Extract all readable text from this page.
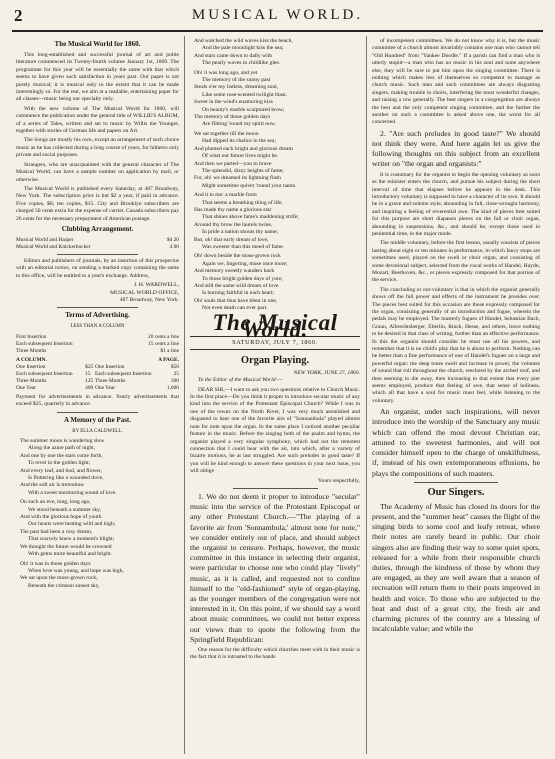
2	MUSICAL WORLD.
The Musical World for 1860.

This long-established and successful journal of art and polite literature commenced its Twenty-fourth volume January 1st, 1860. The programme for this year will be essentially the same with that which seems to have given such satisfaction in years past. Our paper is not purely musical; it is musical only to the extent that it can be made interestingly so. For the rest, we aim at a readable, entertaining paper for all classes—music being our specialty only.

With the new volume of The Musical World for 1860, will commence the publication under the general title of WILLIE'S ALBUM, of a series of Tales, written and set to music by Willis the Younger, together with stories of German life and papers on Art.

The Songs are mostly his own, except an arrangement of such choice music as he has collected during a long course of years, for hitherto only private and social purposes.

Strangers, who are unacquainted with the general character of The Musical World, can have a sample number on application by mail, or otherwise.

The Musical World is published every Saturday, at 487 Broadway, New York. The subscription price is but $2 a year, if paid in advance. Five copies, $8; ten copies, $15. City and Brooklyn subscribers are charged 50 cents extra for the expense of carrier. Canada subscribers pay 26 cents for the necessary prepayment of American postage.

Clubbing Arrangement.
Musical World and Harper	$4 20
Musical World and Knickerbocker	4 00

Editors and publishers of journals, by an insertion of this prospectus with an editorial notice, on sending a marked copy containing the same to this office, will be entitled to a year's exchange. Address,

J. H. WARDWELL,

MUSICAL WORLD OFFICE,

487 Broadway, New York.

Terms of Advertising.
LESS THAN A COLUMN
First Insertion	20 cents a line
Each subsequent Insertion	15 cents a line
Three Months	$1 a line
A COLUMN.		A PAGE.	
One Insertion	$25	One Insertion	$50
Each subsequent Insertion	15	Each subsequent Insertion	25
Three Months	125	Three Months	300
One Year	400	One Year	1,000

Payment for advertisements in advance. Yearly advertisements that exceed $25, quarterly in advance.

A Memory of the Past.
BY ELLA CALDWELL.
The summer moon is wandering slow
Along the azure path of night,
And one by one the stars come forth,
To revel in the golden light;
And every leaf, and bud, and flower,
Is fluttering like a wounded dove,
And the soft air is tremulous
With a sweet murmuring sound of love.
On such an eve, long, long ago,
We stood beneath a summer sky,
And with the glorious hope of youth
Our hearts were beating wild and high;
The past had been a rosy dream,
That scarcely knew a moment's blight;
We thought the future would be crowned
With gems more beautiful and bright.
Oh! it was in those golden days
When love was young, and hope was high,
We sat upon the moss-grown rock,
Beneath the crimson sunset sky,
And watched the wild waves kiss the beach,
And the pale moonlight kiss the sea;
And stars came down to dally with
The pearly waves in childlike glee.
Oh! it was long ago, and yet
The memory of the sunny past
Steals o'er my listless, dreaming soul,
Like some rose-scented twilight blast.
Sweet in the wind's enamoring kiss
On beauty's marble sculptured brow;
The memory of those golden days
Are flitting 'round my spirit now.
We sat together till the moon
Had dipped its chalice in the sea;
And plumed each bright and glorious dream
Of what our future lives might be.
And then we parted—you to brave
The splendid, dizzy heights of fame;
For, oh! we dreamed its lightning flash
Might sometime quiver 'round your name.
And it to me: a marble form
That seems a breathing thing of life,
Has made thy name a glorious star
That shines above fame's maddening strife;
Around thy brow the laurels twine,
In pride a nation shouts thy name;
But, oh! that early dream of love,
Was sweeter than this meed of fame.
Oh! down beside the moss-grown rock
Again we, lingering, muse once more;
And memory sweetly wanders back
To those bright golden days of yore,
And still the same wild dream of love
Is burning faithful in each heart;
Oh! souls that thus have blent in one,
Not even death can ever part.
The Musical World.
SATURDAY, JULY 7, 1860.
Organ Playing.

NEW YORK, JUNE 27, 1860.

To the Editor of the Musical World:—

DEAR SIR,—I want to ask you two questions relative to Church Music. In the first place—Do you think it proper to introduce secular music of any kind into the service of the Protestant Episcopal Church? While I was in one of the towns on the North River, I was very much astonished and disgusted to hear one of the favorite airs of "Sonnambula" played almost note for note upon the organ. In the same place I noticed another peculiar feature in the music. Before the singing both of the psalm and hymn, the organist played a very singular symphony, which had not the remotest connection that I could hear with the air, into which, after a variety of bizarre motions, he at last struggled. Are such preludes in good taste? If you will be kind enough to answer these questions in your next issue, you will oblige

Yours respectfully,

1. We do not deem it proper to introduce "secular" music into the service of the Protestant Episcopal or any other Protestant Church.—"The playing of a favorite air from 'Sonnambula,' almost note for note," we consider entirely out of place, and should subject the organist to censure. Perhaps, however, the music committee in this instance in selecting their organist, were particular to choose one who could play "lively" music, as it is called, and requested not to confine himself to the "old-fashioned" style of organ-playing, as the younger members of the congregation were not interested in it. On this point, if we should say a word about music committees, we could not better express our views than to quote the following from the Springfield Republican:

One reason for the difficulty which churches meet with in their music is the fact that it is intrusted to the hands

of incompetent committees. We do not know why it is, but the music committee of a church almost invariably contains one man who cannot tell "Old Hundred" from "Yankee Doodle." If a parish can find a man who is utterly stupid—a man who has no music in his soul and none anywhere else, they will be sure to put him upon the singing committee. There is nothing which makes less of themselves so competent to manage as church music. Such men and such committees are always disgusting singers, making trouble in choirs, interfering the most wonderful changes, and raising a row generally. The best singers in a congregation are always the best and the only competent singing committee, and the further the another on such a committee is asked above one, the worst for all concerned.

2. "Are such preludes in good taste?" We should not think they were. And here again let us give the following thoughts on this subject from an excellent writer on "the organ and organists:"

It is customary for the organist to begin the opening voluntary as soon as the minister enters the church, and pursue his subject during the short interval of time that elapses before he appears in the desk. This introductory voluntary is supposed to have a character of its own. It should be in a grave and solemn style, abounding in full, close-wrought harmony, and inspiring a feeling of reverential awe. The kind of pieces best suited for this purpose are short diapason pieces on the full or choir organ, abounding in suspensions, &c., and should be, except those used in penitential time, in the major mode.

The middle voluntary, before the first lesson, usually consists of pieces lasting about eight or ten minutes in performance, in which fancy stops are sometimes used, played on the swell or choir organ, and consisting of some devotional subject, selected from the vocal works of Handel, Haydn, Mozart, Beethoven, &c., or pieces expressly composed for that portion of the service.

The concluding or out-voluntary is that in which the organist generally shows off the full power and effects of the instrument he presides over. The pieces best suited for this occasion are those expressly composed for the organ, consisting generally of an introduction and fugue, wherein the pedals may be employed. The masterly fugues of Handel, Sebastian Bach, Graun, Albrechtsberger, Eberlin, Rinck, Hesse, and others, leave nothing to be desired in that class of writing, further than an effective performance. In this the organist should consider he must use all his powers, and remember that it is no child's play that he is about to perform. Nothing can be better than a fine performance of one of Handel's fugues on a large and powerful organ: the deep tones swell and increase in power, the volumes of sound that roll throughout the church, reechoed by the arched roof, and then seeming to die away, then increasing to that extent that every pier seems employed, produce that feeling of awe, that sense of holiness, which all that have a soul for music must feel, while listening to the voluntary.

An organist, under such inspirations, will never introduce into the worship of the Sanctuary any music which can offend the most devout Christian ear, attuned to the sweetest harmonies, and will not consider himself open to the charge of unskilfulness, if, instead of his own extemporaneous effusions, he plays the compositions of such masters.

Our Singers.

The Academy of Music has closed its doors for the present, and the "summer heat" causes the flight of the singing birds to some cool and leafy retreat, where their notes are rarely heard in public. Our choir singers also are finding their way to some quiet spots, released for a while from their responsible church duties, through the kindness of those by whom they are engaged, as they are well aware that a season of recreation will return them to their posts improved in health and voice. To those who are subjected to the heat and dust of a great city, the fresh air and charming pictures of the country are a blessing of incalculable value; and while the
